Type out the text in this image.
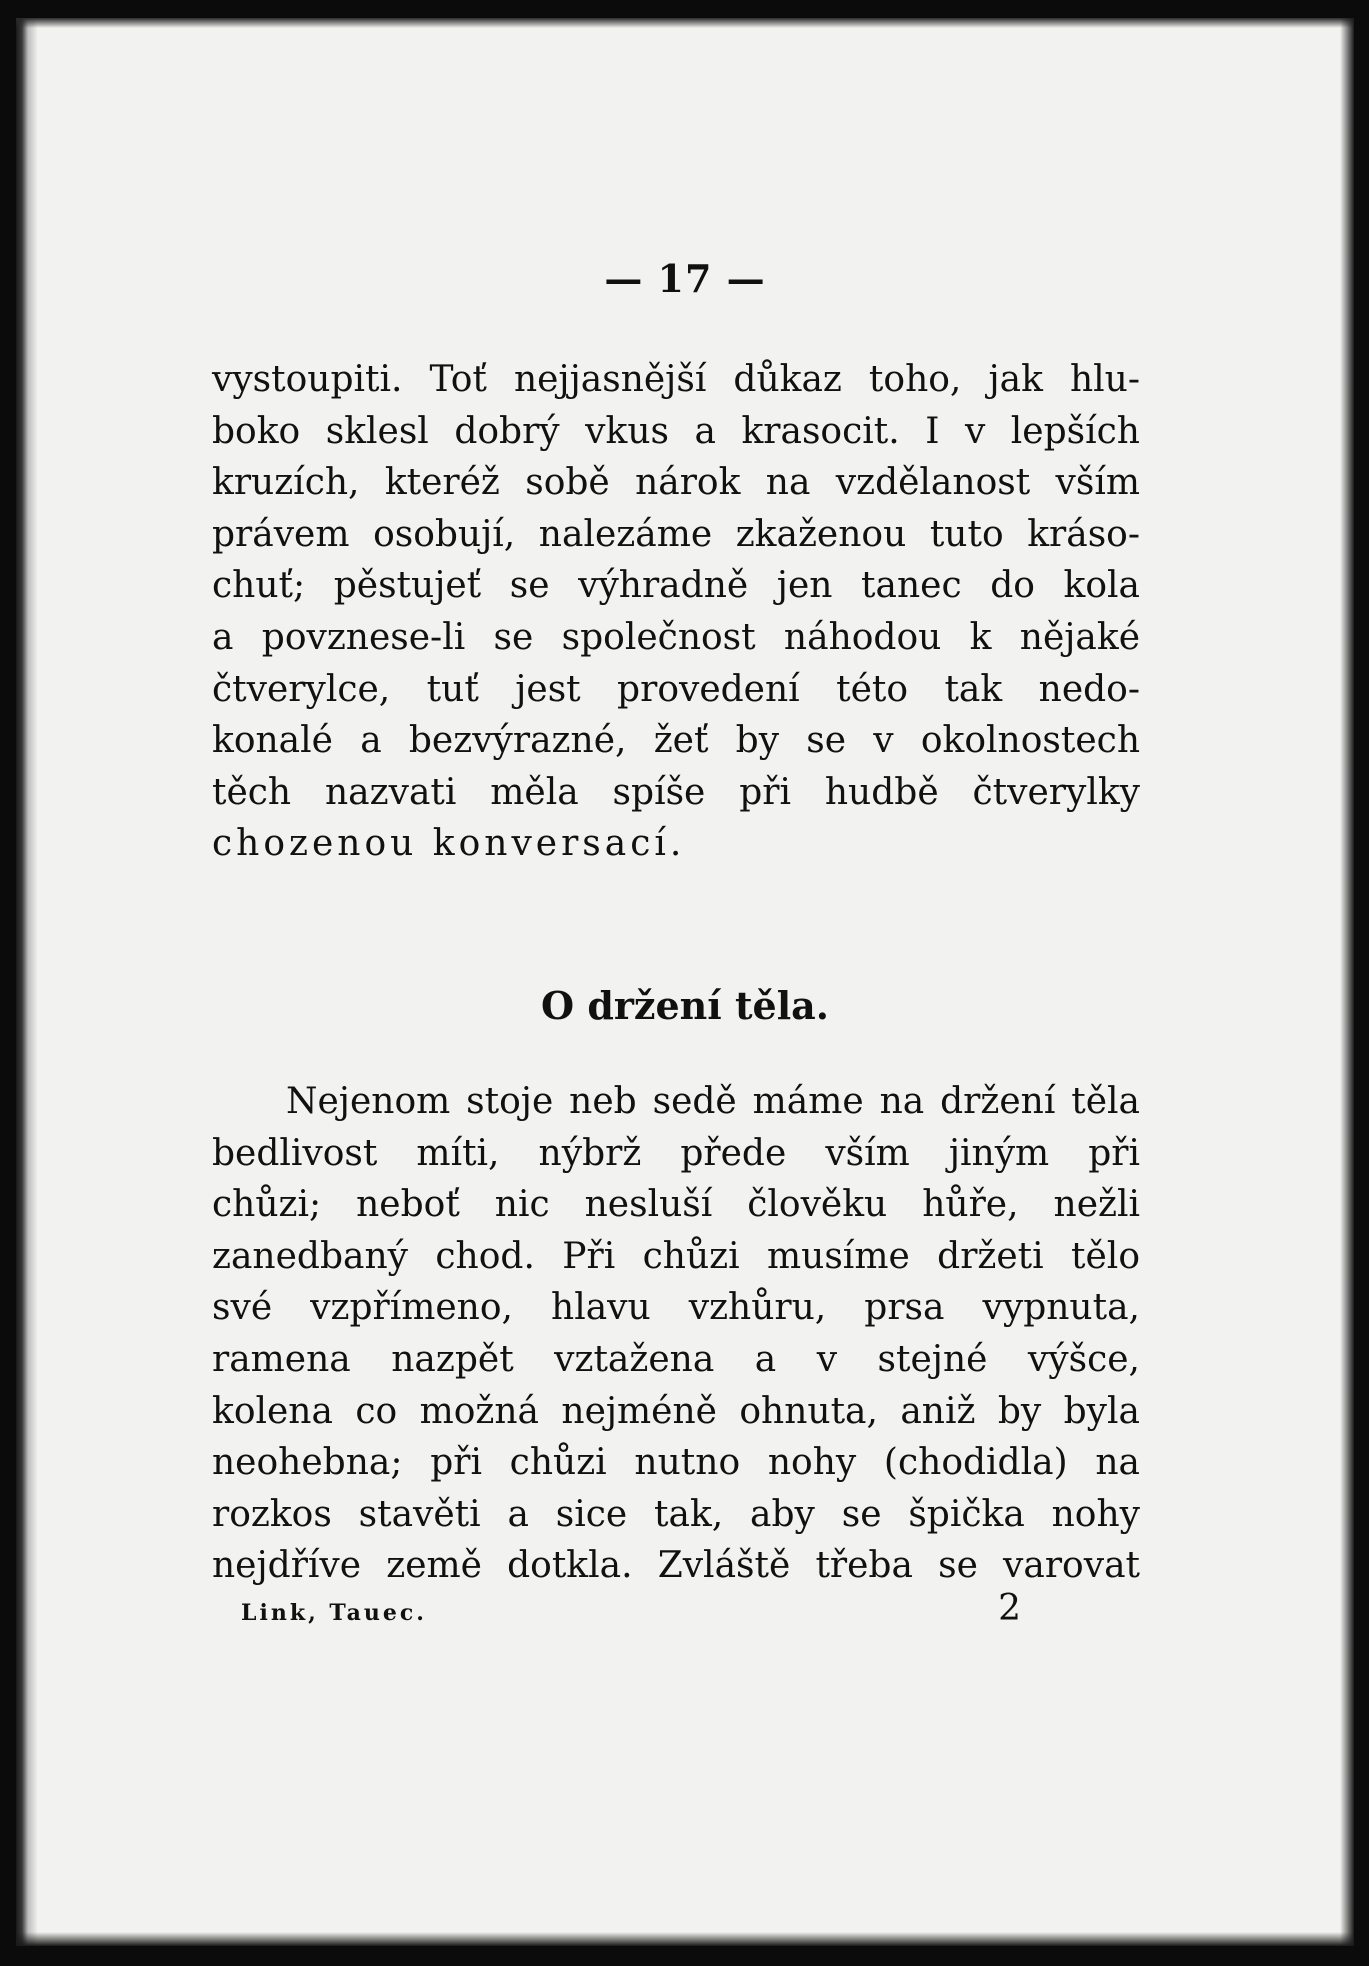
— 17 —
vystoupiti. Toť nejjasnější důkaz toho, jak hlu-
boko sklesl dobrý vkus a krasocit. I v lepších
kruzích, kteréž sobě nárok na vzdělanost vším
právem osobují, nalezáme zkaženou tuto kráso-
chuť; pěstujeť se výhradně jen tanec do kola
a povznese-li se společnost náhodou k nějaké
čtverylce, tuť jest provedení této tak nedo-
konalé a bezvýrazné, žeť by se v okolnostech
těch nazvati měla spíše při hudbě čtverylky
chozenou konversací.
O držení těla.
Nejenom stoje neb sedě máme na držení těla
bedlivost míti, nýbrž přede vším jiným při
chůzi; neboť nic nesluší člověku hůře, nežli
zanedbaný chod. Při chůzi musíme držeti tělo
své vzpřímeno, hlavu vzhůru, prsa vypnuta,
ramena nazpět vztažena a v stejné výšce,
kolena co možná nejméně ohnuta, aniž by byla
neohebna; při chůzi nutno nohy (chodidla) na
rozkos stavěti a sice tak, aby se špička nohy
nejdříve země dotkla. Zvláště třeba se varovat
Link, Tauec.	2
